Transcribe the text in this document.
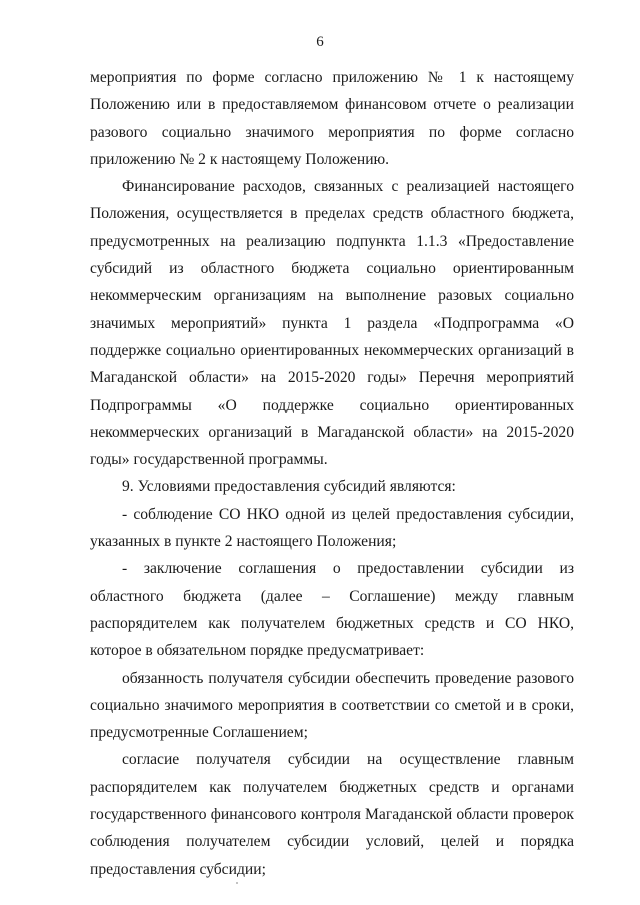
6

мероприятия по форме согласно приложению № 1 к настоящему Положению или в предоставляемом финансовом отчете о реализации разового социально значимого мероприятия по форме согласно приложению № 2 к настоящему Положению.

Финансирование расходов, связанных с реализацией настоящего Положения, осуществляется в пределах средств областного бюджета, предусмотренных на реализацию подпункта 1.1.3 «Предоставление субсидий из областного бюджета социально ориентированным некоммерческим организациям на выполнение разовых социально значимых мероприятий» пункта 1 раздела «Подпрограмма «О поддержке социально ориентированных некоммерческих организаций в Магаданской области» на 2015-2020 годы» Перечня мероприятий Подпрограммы «О поддержке социально ориентированных некоммерческих организаций в Магаданской области» на 2015-2020 годы» государственной программы.

9. Условиями предоставления субсидий являются:

- соблюдение СО НКО одной из целей предоставления субсидии, указанных в пункте 2 настоящего Положения;

- заключение соглашения о предоставлении субсидии из областного бюджета (далее – Соглашение) между главным распорядителем как получателем бюджетных средств и СО НКО, которое в обязательном порядке предусматривает:

обязанность получателя субсидии обеспечить проведение разового социально значимого мероприятия в соответствии со сметой и в сроки, предусмотренные Соглашением;

согласие получателя субсидии на осуществление главным распорядителем как получателем бюджетных средств и органами государственного финансового контроля Магаданской области проверок соблюдения получателем субсидии условий, целей и порядка предоставления субсидии;
